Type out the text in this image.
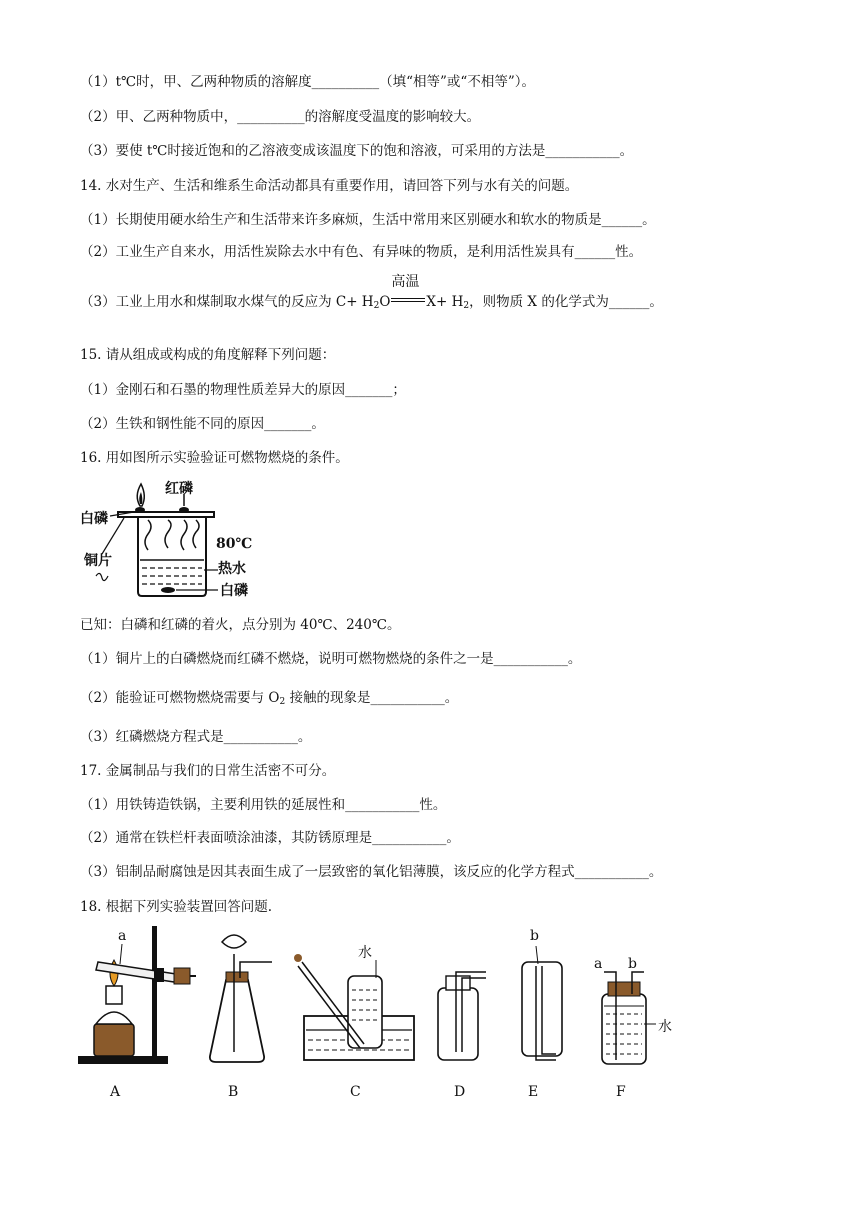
（1）t℃时，甲、乙两种物质的溶解度__________（填“相等”或“不相等”）。
（2）甲、乙两种物质中，__________的溶解度受温度的影响较大。
（3）要使 t℃时接近饱和的乙溶液变成该温度下的饱和溶液，可采用的方法是___________。
14. 水对生产、生活和维系生命活动都具有重要作用，请回答下列与水有关的问题。
（1）长期使用硬水给生产和生活带来许多麻烦，生活中常用来区别硬水和软水的物质是______。
（2）工业生产自来水，用活性炭除去水中有色、有异味的物质，是利用活性炭具有______性。
（3）工业上用水和煤制取水煤气的反应为 $C+ H_2O$
高温
$X+ H_2$，则物质 X 的化学式为______。
15. 请从组成或构成的角度解释下列问题：
（1）金刚石和石墨的物理性质差异大的原因_______；
（2）生铁和钢性能不同的原因_______。
16. 用如图所示实验验证可燃物燃烧的条件。
白磷
红磷
铜片
80℃
热水
白磷
已知：白磷和红磷的着火，点分别为 40℃、240℃。
（1）铜片上的白磷燃烧而红磷不燃烧，说明可燃物燃烧的条件之一是___________。
（2）能验证可燃物燃烧需要与 $O_2$ 接触的现象是___________。
（3）红磷燃烧方程式是___________。
17. 金属制品与我们的日常生活密不可分。
（1）用铁铸造铁锅，主要利用铁的延展性和___________性。
（2）通常在铁栏杆表面喷涂油漆，其防锈原理是___________。
（3）铝制品耐腐蚀是因其表面生成了一层致密的氧化铝薄膜，该反应的化学方程式___________。
18. 根据下列实验装置回答问题.
a
水
b
a b
水
A	B	C	D	E	F
